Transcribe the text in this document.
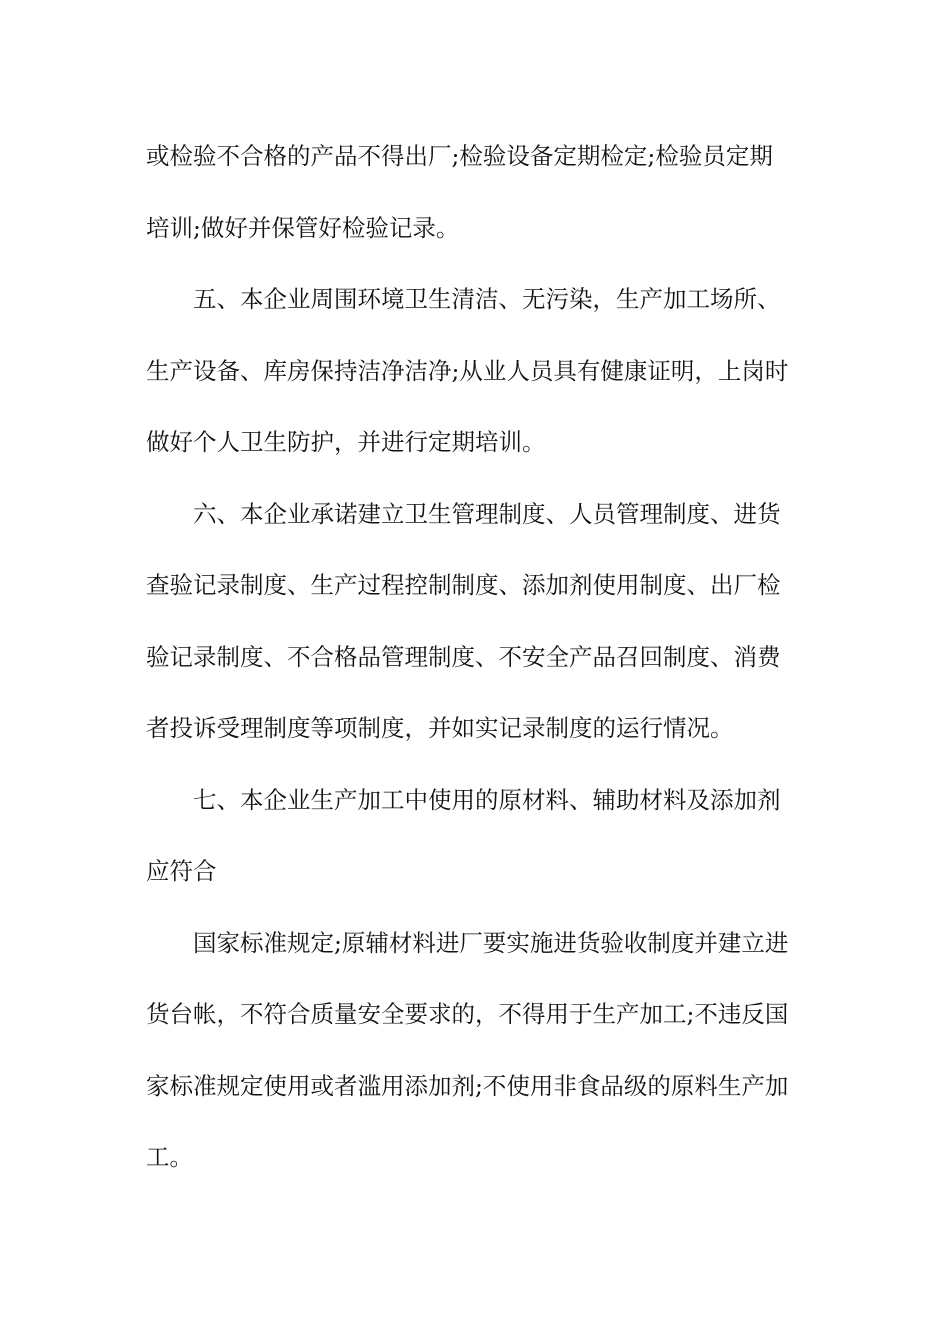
或检验不合格的产品不得出厂;检验设备定期检定;检验员定期
培训;做好并保管好检验记录。
五、本企业周围环境卫生清洁、无污染，生产加工场所、
生产设备、库房保持洁净洁净;从业人员具有健康证明，上岗时
做好个人卫生防护，并进行定期培训。
六、本企业承诺建立卫生管理制度、人员管理制度、进货
查验记录制度、生产过程控制制度、添加剂使用制度、出厂检
验记录制度、不合格品管理制度、不安全产品召回制度、消费
者投诉受理制度等项制度，并如实记录制度的运行情况。
七、本企业生产加工中使用的原材料、辅助材料及添加剂
应符合
国家标准规定;原辅材料进厂要实施进货验收制度并建立进
货台帐，不符合质量安全要求的，不得用于生产加工;不违反国
家标准规定使用或者滥用添加剂;不使用非食品级的原料生产加
工。
